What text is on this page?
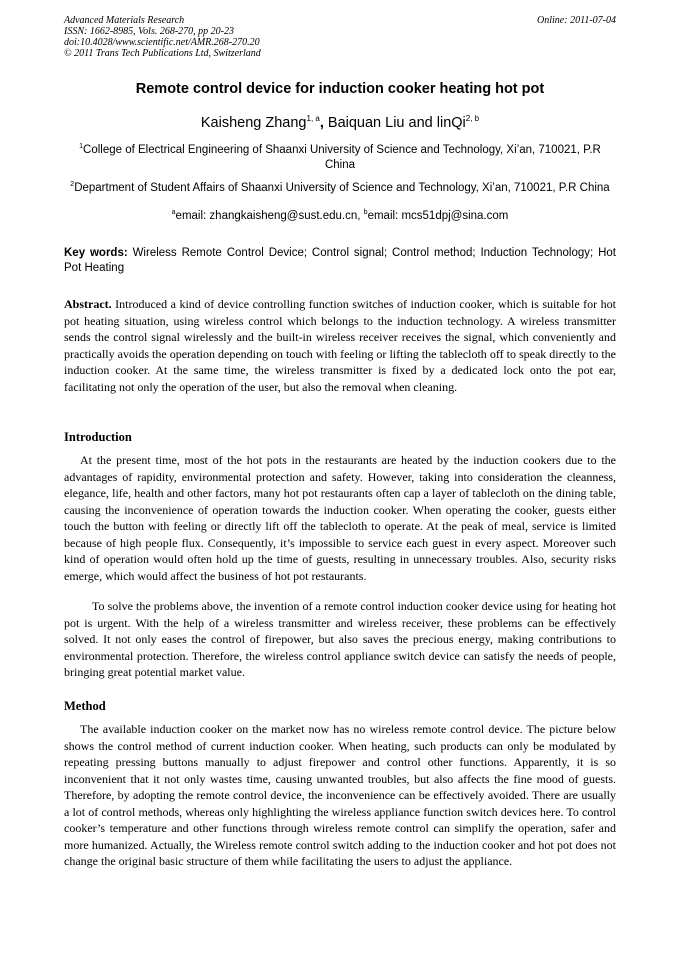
Advanced Materials Research
ISSN: 1662-8985, Vols. 268-270, pp 20-23
doi:10.4028/www.scientific.net/AMR.268-270.20
© 2011 Trans Tech Publications Ltd, Switzerland
Online: 2011-07-04
Remote control device for induction cooker heating hot pot
Kaisheng Zhang$^{1, a}$, Baiquan Liu and linQi$^{2, b}$
$^1$College of Electrical Engineering of Shaanxi University of Science and Technology, Xi’an, 710021, P.R China
$^2$Department of Student Affairs of Shaanxi University of Science and Technology, Xi’an, 710021, P.R China
$^a$email: zhangkaisheng@sust.edu.cn, $^b$email: mcs51dpj@sina.com
Key words: Wireless Remote Control Device; Control signal; Control method; Induction Technology; Hot Pot Heating
Abstract. Introduced a kind of device controlling function switches of induction cooker, which is suitable for hot pot heating situation, using wireless control which belongs to the induction technology. A wireless transmitter sends the control signal wirelessly and the built-in wireless receiver receives the signal, which conveniently and practically avoids the operation depending on touch with feeling or lifting the tablecloth off to speak directly to the induction cooker. At the same time, the wireless transmitter is fixed by a dedicated lock onto the pot ear, facilitating not only the operation of the user, but also the removal when cleaning.
Introduction
At the present time, most of the hot pots in the restaurants are heated by the induction cookers due to the advantages of rapidity, environmental protection and safety. However, taking into consideration the cleanness, elegance, life, health and other factors, many hot pot restaurants often cap a layer of tablecloth on the dining table, causing the inconvenience of operation towards the induction cooker. When operating the cooker, guests either touch the button with feeling or directly lift off the tablecloth to operate. At the peak of meal, service is limited because of high people flux. Consequently, it’s impossible to service each guest in every aspect. Moreover such kind of operation would often hold up the time of guests, resulting in unnecessary troubles. Also, security risks emerge, which would affect the business of hot pot restaurants.
To solve the problems above, the invention of a remote control induction cooker device using for heating hot pot is urgent. With the help of a wireless transmitter and wireless receiver, these problems can be effectively solved. It not only eases the control of firepower, but also saves the precious energy, making contributions to environmental protection. Therefore, the wireless control appliance switch device can satisfy the needs of people, bringing great potential market value.
Method
The available induction cooker on the market now has no wireless remote control device. The picture below shows the control method of current induction cooker. When heating, such products can only be modulated by repeating pressing buttons manually to adjust firepower and control other functions. Apparently, it is so inconvenient that it not only wastes time, causing unwanted troubles, but also affects the fine mood of guests. Therefore, by adopting the remote control device, the inconvenience can be effectively avoided. There are usually a lot of control methods, whereas only highlighting the wireless appliance function switch devices here. To control cooker’s temperature and other functions through wireless remote control can simplify the operation, safer and more humanized. Actually, the Wireless remote control switch adding to the induction cooker and hot pot does not change the original basic structure of them while facilitating the users to adjust the appliance.
